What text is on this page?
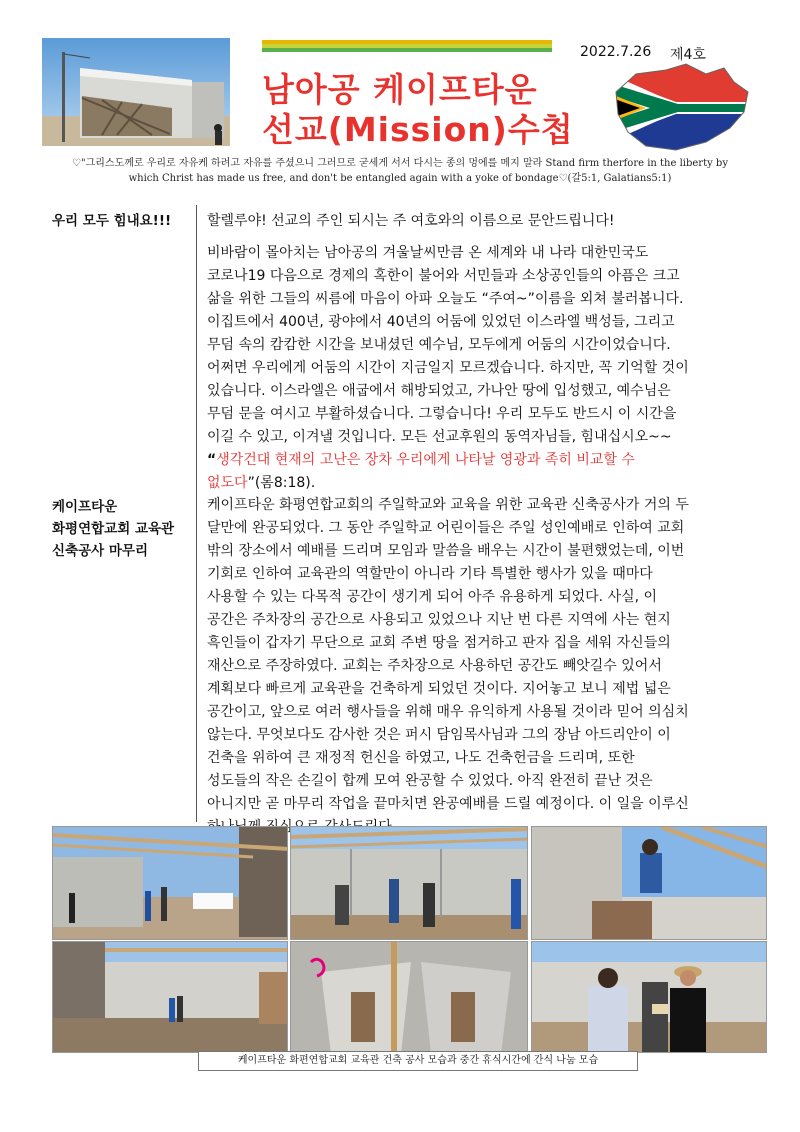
남아공 케이프타운
선교(Mission)수첩
2022.7.26 제4호
♡"그리스도께로 우리로 자유케 하려고 자유를 주셨으니 그러므로 굳세게 서서 다시는 종의 멍에를 메지 말라 Stand firm therfore in the liberty by
which Christ has made us free, and don't be entangled again with a yoke of bondage♡(갈5:1, Galatians5:1)
우리 모두 힘내요!!!	할렐루야! 선교의 주인 되시는 주 여호와의 이름으로 문안드립니다!
비바람이 몰아치는 남아공의 겨울날씨만큼 온 세계와 내 나라 대한민국도
코로나19 다음으로 경제의 혹한이 불어와 서민들과 소상공인들의 아픔은 크고
삶을 위한 그들의 씨름에 마음이 아파 오늘도 “주여~”이름을 외쳐 불러봅니다.
이집트에서 400년, 광야에서 40년의 어둠에 있었던 이스라엘 백성들, 그리고
무덤 속의 캄캄한 시간을 보내셨던 예수님, 모두에게 어둠의 시간이었습니다.
어쩌면 우리에게 어둠의 시간이 지금일지 모르겠습니다. 하지만, 꼭 기억할 것이
있습니다. 이스라엘은 애굽에서 해방되었고, 가나안 땅에 입성했고, 예수님은
무덤 문을 여시고 부활하셨습니다. 그렇습니다! 우리 모두도 반드시 이 시간을
이길 수 있고, 이겨낼 것입니다. 모든 선교후원의 동역자님들, 힘내십시오~~
“생각건대 현재의 고난은 장차 우리에게 나타날 영광과 족히 비교할 수
없도다”(롬8:18).
케이프타운
화평연합교회 교육관
신축공사 마무리
케이프타운 화평연합교회의 주일학교와 교육을 위한 교육관 신축공사가 거의 두
달만에 완공되었다. 그 동안 주일학교 어린이들은 주일 성인예배로 인하여 교회
밖의 장소에서 예배를 드리며 모임과 말씀을 배우는 시간이 불편했었는데, 이번
기회로 인하여 교육관의 역할만이 아니라 기타 특별한 행사가 있을 때마다
사용할 수 있는 다목적 공간이 생기게 되어 아주 유용하게 되었다. 사실, 이
공간은 주차장의 공간으로 사용되고 있었으나 지난 번 다른 지역에 사는 현지
흑인들이 갑자기 무단으로 교회 주변 땅을 점거하고 판자 집을 세워 자신들의
재산으로 주장하였다. 교회는 주차장으로 사용하던 공간도 빼앗길수 있어서
계획보다 빠르게 교육관을 건축하게 되었던 것이다. 지어놓고 보니 제법 넓은
공간이고, 앞으로 여러 행사들을 위해 매우 유익하게 사용될 것이라 믿어 의심치
않는다. 무엇보다도 감사한 것은 퍼시 담임목사님과 그의 장남 아드리안이 이
건축을 위하여 큰 재정적 헌신을 하였고, 나도 건축헌금을 드리며, 또한
성도들의 작은 손길이 합께 모여 완공할 수 있었다. 아직 완전히 끝난 것은
아니지만 곧 마무리 작업을 끝마치면 완공예배를 드릴 예정이다. 이 일을 이루신
케이프타운 화편연합교회 교육관 건축 공사 모습과 중간 휴식시간에 간식 나눔 모습
